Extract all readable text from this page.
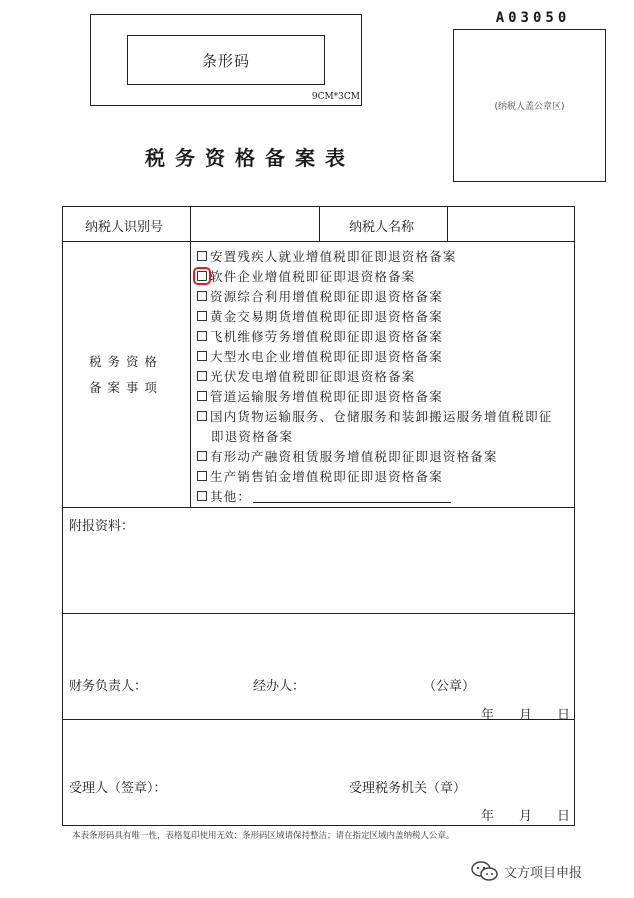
条形码
9CM*3CM
A03050
(纳税人盖公章区)
税务资格备案表
纳税人识别号	纳税人名称
税 务 资 格
备 案 事 项
安置残疾人就业增值税即征即退资格备案
软件企业增值税即征即退资格备案
资源综合利用增值税即征即退资格备案
黄金交易期货增值税即征即退资格备案
飞机维修劳务增值税即征即退资格备案
大型水电企业增值税即征即退资格备案
光伏发电增值税即征即退资格备案
管道运输服务增值税即征即退资格备案
国内货物运输服务、仓储服务和装卸搬运服务增值税即征
即退资格备案
有形动产融资租赁服务增值税即征即退资格备案
生产销售铂金增值税即征即退资格备案
其他：
附报资料：
财务负责人：	经办人：	（公章）
年 月 日
受理人（签章）：	受理税务机关（章）
年 月 日
本表条形码具有唯一性，表格复印使用无效；条形码区域请保持整洁；请在指定区域内盖纳税人公章。
文方项目申报
